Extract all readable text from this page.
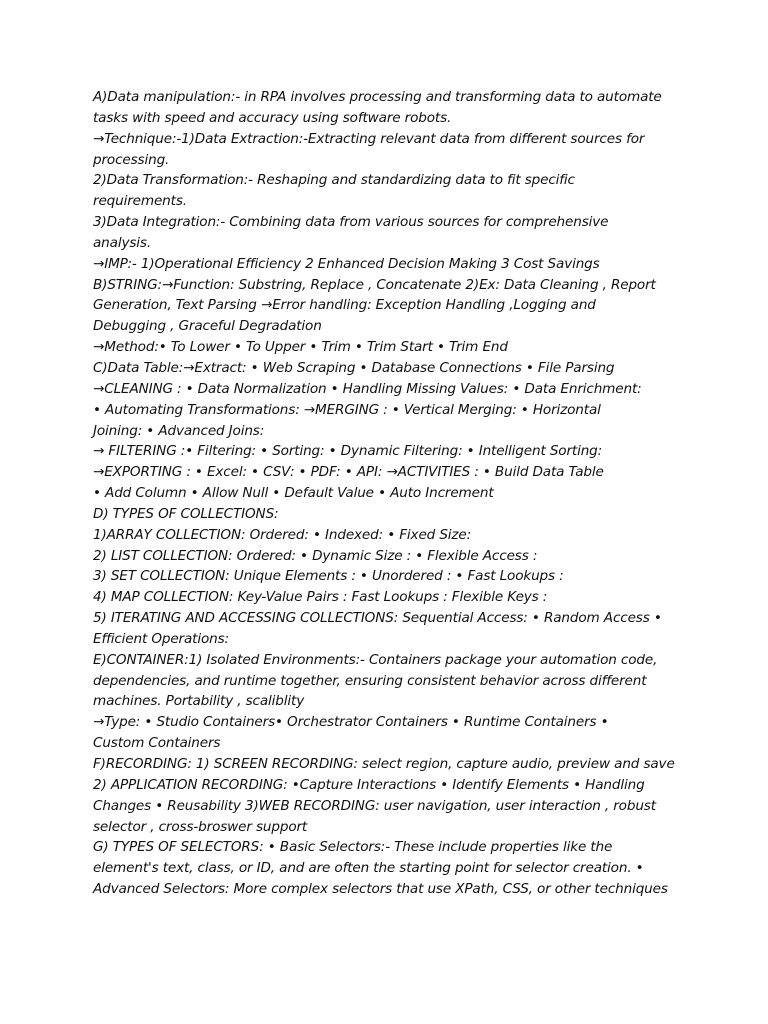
A)Data manipulation:- in RPA involves processing and transforming data to automate
tasks with speed and accuracy using software robots.
→Technique:-1)Data Extraction:-Extracting relevant data from different sources for
processing.
2)Data Transformation:- Reshaping and standardizing data to fit specific
requirements.
3)Data Integration:- Combining data from various sources for comprehensive
analysis.
→IMP:- 1)Operational Efficiency 2 Enhanced Decision Making 3 Cost Savings
B)STRING:→Function: Substring, Replace , Concatenate 2)Ex: Data Cleaning , Report
Generation, Text Parsing →Error handling: Exception Handling ,Logging and
Debugging , Graceful Degradation
→Method:• To Lower • To Upper • Trim • Trim Start • Trim End
C)Data Table:→Extract: • Web Scraping • Database Connections • File Parsing
→CLEANING : • Data Normalization • Handling Missing Values: • Data Enrichment:
• Automating Transformations: →MERGING : • Vertical Merging: • Horizontal
Joining: • Advanced Joins:
→ FILTERING :• Filtering: • Sorting: • Dynamic Filtering: • Intelligent Sorting:
→EXPORTING : • Excel: • CSV: • PDF: • API: →ACTIVITIES : • Build Data Table
• Add Column • Allow Null • Default Value • Auto Increment
D) TYPES OF COLLECTIONS:
1)ARRAY COLLECTION: Ordered: • Indexed: • Fixed Size:
2) LIST COLLECTION: Ordered: • Dynamic Size : • Flexible Access :
3) SET COLLECTION: Unique Elements : • Unordered : • Fast Lookups :
4) MAP COLLECTION: Key-Value Pairs : Fast Lookups : Flexible Keys :
5) ITERATING AND ACCESSING COLLECTIONS: Sequential Access: • Random Access •
Efficient Operations:
E)CONTAINER:1) Isolated Environments:- Containers package your automation code,
dependencies, and runtime together, ensuring consistent behavior across different
machines. Portability , scaliblity
→Type: • Studio Containers• Orchestrator Containers • Runtime Containers •
Custom Containers
F)RECORDING: 1) SCREEN RECORDING: select region, capture audio, preview and save
2) APPLICATION RECORDING: •Capture Interactions • Identify Elements • Handling
Changes • Reusability 3)WEB RECORDING: user navigation, user interaction , robust
selector , cross-broswer support
G) TYPES OF SELECTORS: • Basic Selectors:- These include properties like the
element's text, class, or ID, and are often the starting point for selector creation. •
Advanced Selectors: More complex selectors that use XPath, CSS, or other techniques
